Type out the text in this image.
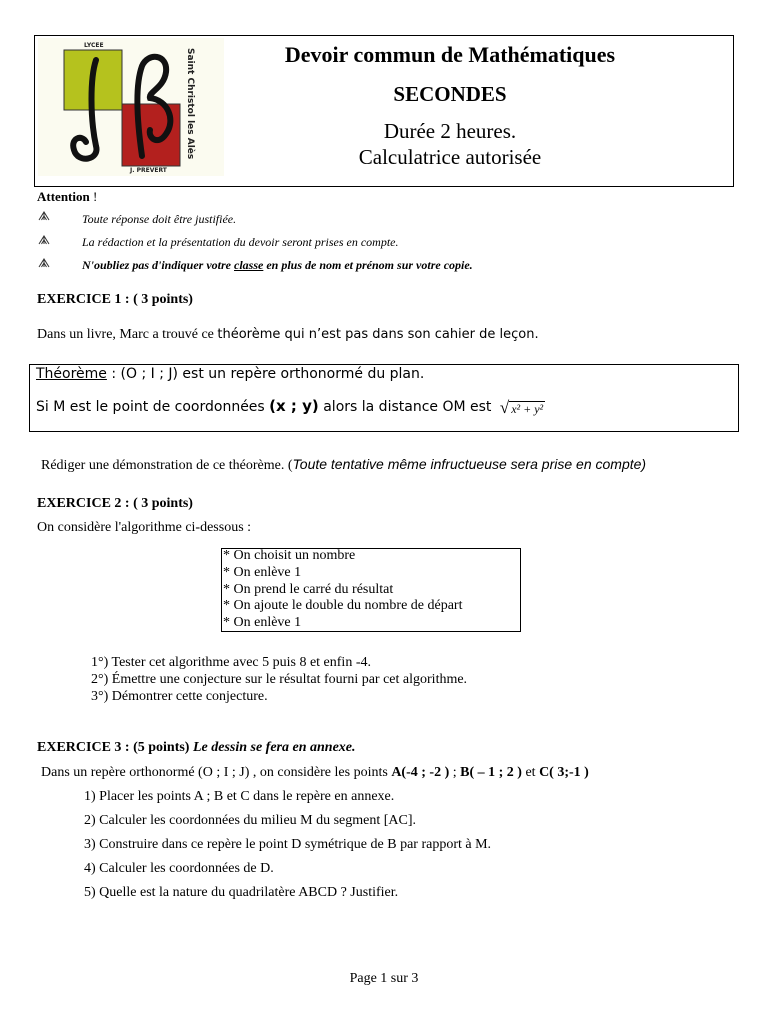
LYCEE
Saint Christol les Alès
J. PREVERT
Devoir commun de Mathématiques
SECONDES
Durée 2 heures.
Calculatrice autorisée
Attention !
Toute réponse doit être justifiée.
La rédaction et la présentation du devoir seront prises en compte.
N'oubliez pas d'indiquer votre classe en plus de nom et prénom sur votre copie.
EXERCICE 1 : ( 3 points)
Dans un livre, Marc a trouvé ce théorème qui n’est pas dans son cahier de leçon.
Théorème : (O ; I ; J) est un repère orthonormé du plan.
Si M est le point de coordonnées (x ; y) alors la distance OM est √ x² + y²
Rédiger une démonstration de ce théorème. (Toute tentative même infructueuse sera prise en compte)
EXERCICE 2 : ( 3 points)
On considère l'algorithme ci-dessous :
* On choisit un nombre
* On enlève 1
* On prend le carré du résultat
* On ajoute le double du nombre de départ
* On enlève 1
1°) Tester cet algorithme avec 5 puis 8 et enfin -4.
2°) Émettre une conjecture sur le résultat fourni par cet algorithme.
3°) Démontrer cette conjecture.
EXERCICE 3 : (5 points) Le dessin se fera en annexe.
Dans un repère orthonormé (O ; I ; J) , on considère les points A(-4 ; -2 ) ; B( – 1 ; 2 ) et C( 3;-1 )
1) Placer les points A ; B et C dans le repère en annexe.
2) Calculer les coordonnées du milieu M du segment [AC].
3) Construire dans ce repère le point D symétrique de B par rapport à M.
4) Calculer les coordonnées de D.
5) Quelle est la nature du quadrilatère ABCD ? Justifier.
Page 1 sur 3
